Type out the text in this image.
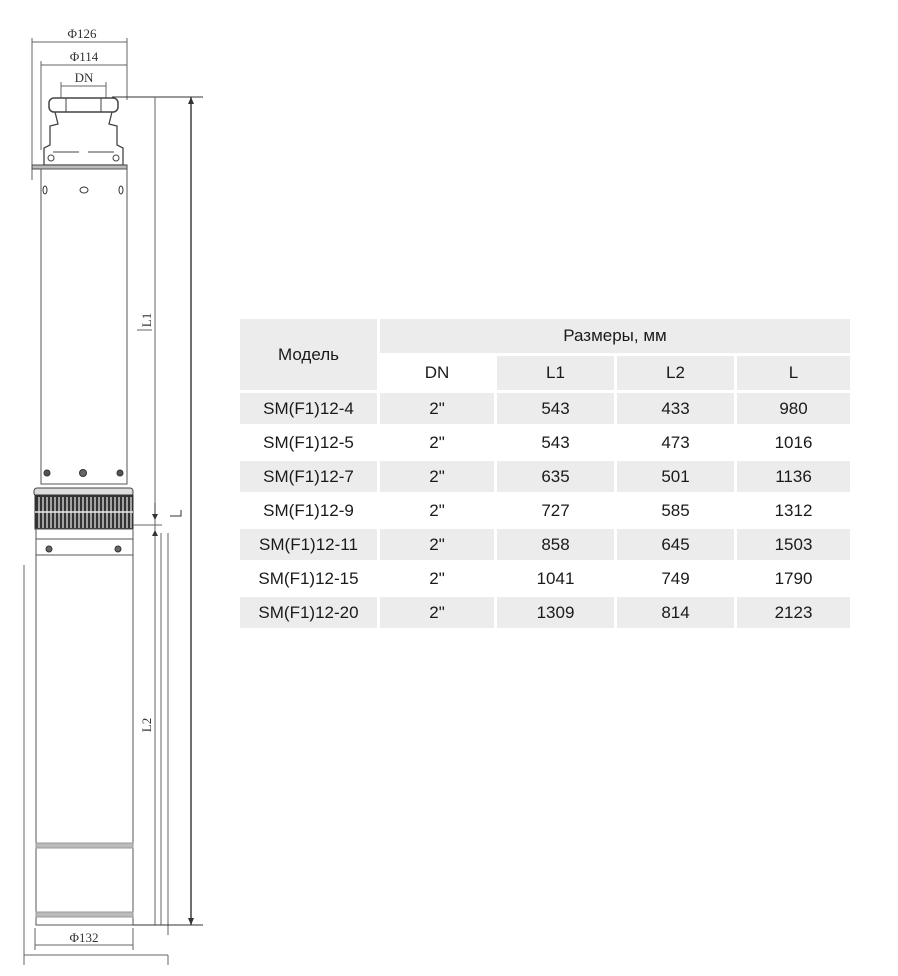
Φ126
Φ114
DN
Φ132
L1
L2
Модель	Размеры, мм			
	DN	L1	L2	L
SM(F1)12-4	2"	543	433	980
SM(F1)12-5	2"	543	473	1016
SM(F1)12-7	2"	635	501	1136
SM(F1)12-9	2"	727	585	1312
SM(F1)12-11	2"	858	645	1503
SM(F1)12-15	2"	1041	749	1790
SM(F1)12-20	2"	1309	814	2123
